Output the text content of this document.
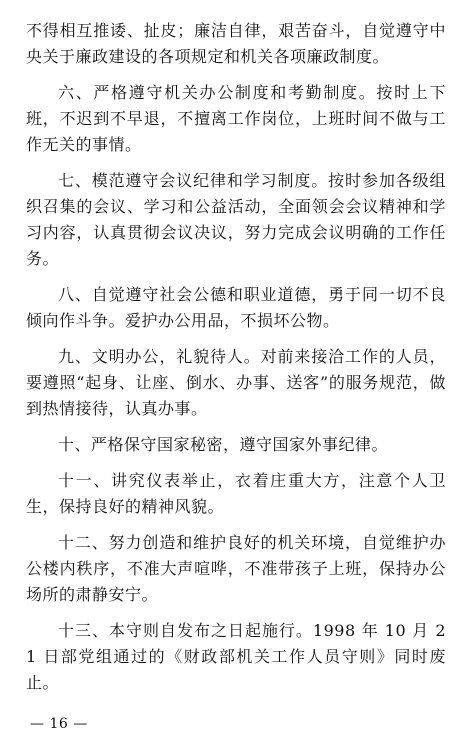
不得相互推诿、扯皮；廉洁自律，艰苦奋斗，自觉遵守中央关于廉政建设的各项规定和机关各项廉政制度。

六、严格遵守机关办公制度和考勤制度。按时上下班，不迟到不早退，不擅离工作岗位，上班时间不做与工作无关的事情。

七、模范遵守会议纪律和学习制度。按时参加各级组织召集的会议、学习和公益活动，全面领会会议精神和学习内容，认真贯彻会议决议，努力完成会议明确的工作任务。

八、自觉遵守社会公德和职业道德，勇于同一切不良倾向作斗争。爱护办公用品，不损坏公物。

九、文明办公，礼貌待人。对前来接洽工作的人员，要遵照“起身、让座、倒水、办事、送客”的服务规范，做到热情接待，认真办事。

十、严格保守国家秘密，遵守国家外事纪律。

十一、讲究仪表举止，衣着庄重大方，注意个人卫生，保持良好的精神风貌。

十二、努力创造和维护良好的机关环境，自觉维护办公楼内秩序，不准大声喧哗，不准带孩子上班，保持办公场所的肃静安宁。

十三、本守则自发布之日起施行。1998 年 10 月 21 日部党组通过的《财政部机关工作人员守则》同时废止。

— 16 —
